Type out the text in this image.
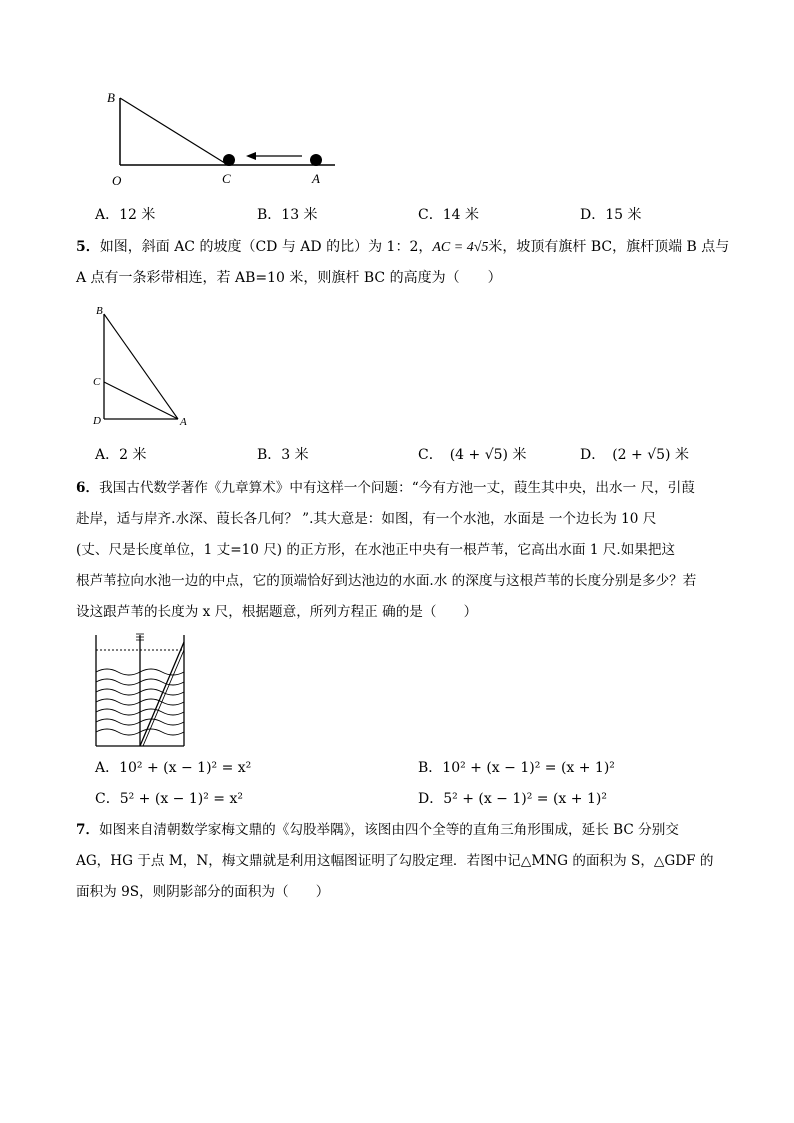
B
O	C	A
A．12 米	B．13 米	C．14 米	D．15 米
5．如图，斜面 AC 的坡度（CD 与 AD 的比）为 1：2，AC = 4√5米，坡顶有旗杆 BC，旗杆顶端 B 点与
A 点有一条彩带相连，若 AB=10 米，则旗杆 BC 的高度为（　　）
B
C
D	A
A．2 米	B．3 米	C．　(4 + √5) 米	D．　(2 + √5) 米
6．我国古代数学著作《九章算术》中有这样一个问题：“今有方池一丈，葭生其中央，出水一 尺，引葭
赴岸，适与岸齐.水深、葭长各几何？ ”.其大意是：如图，有一个水池，水面是 一个边长为 10 尺
(丈、尺是长度单位，1 丈=10 尺) 的正方形，在水池正中央有一根芦苇，它高出水面 1 尺.如果把这
根芦苇拉向水池一边的中点，它的顶端恰好到达池边的水面.水 的深度与这根芦苇的长度分别是多少？若
设这跟芦苇的长度为 x 尺，根据题意，所列方程正 确的是（　　）
A．10² + (x − 1)² = x²	B．10² + (x − 1)² = (x + 1)²
C．5² + (x − 1)² = x²	D．5² + (x − 1)² = (x + 1)²
7．如图来自清朝数学家梅文鼎的《勾股举隅》，该图由四个全等的直角三角形围成，延长 BC 分别交
AG，HG 于点 M，N，梅文鼎就是利用这幅图证明了勾股定理．若图中记△MNG 的面积为 S，△GDF 的
面积为 9S，则阴影部分的面积为（　　）
